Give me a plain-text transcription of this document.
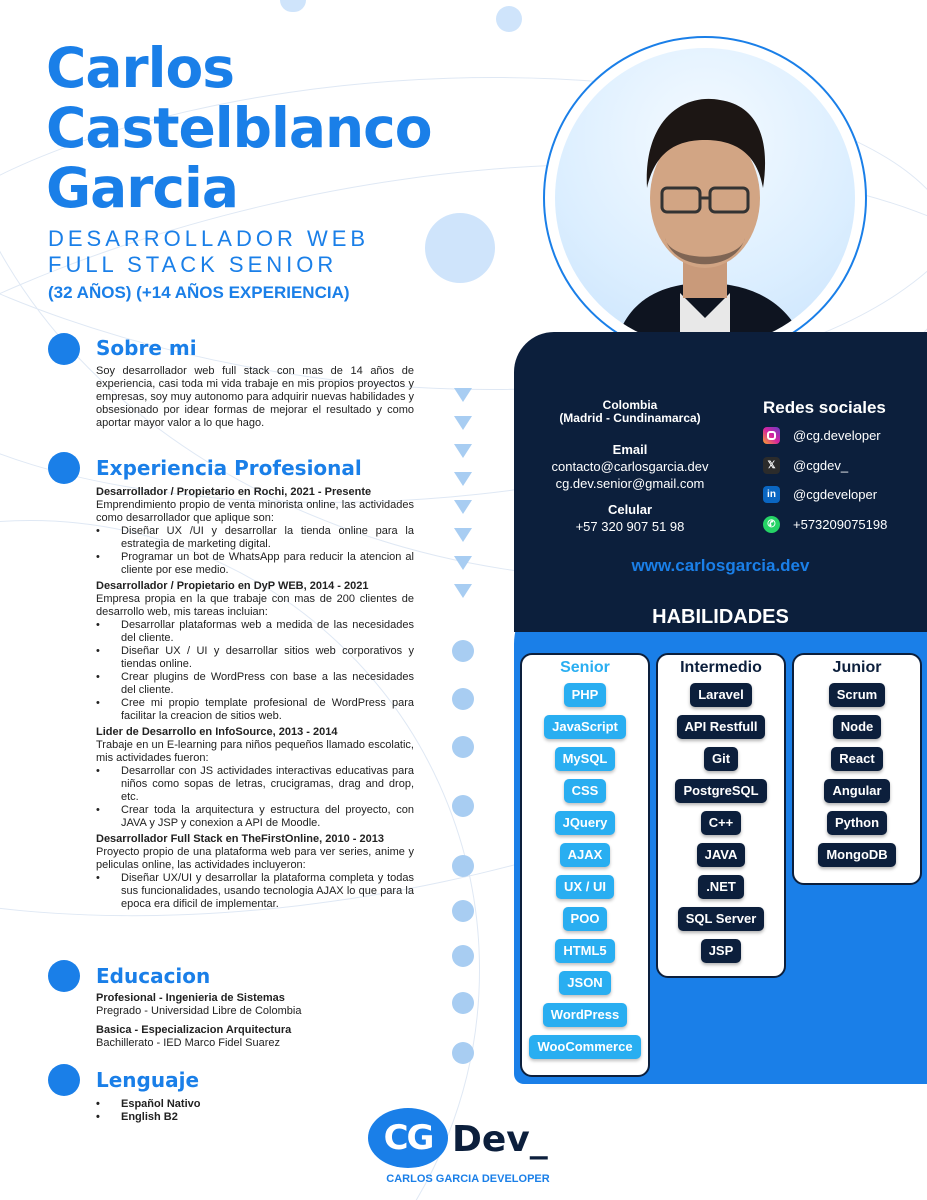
Carlos
Castelblanco
Garcia
DESARROLLADOR WEB
FULL STACK SENIOR
(32 AÑOS) (+14 AÑOS EXPERIENCIA)
Sobre mi
Soy desarrollador web full stack con mas de 14 años de experiencia, casi toda mi vida trabaje en mis propios proyectos y empresas, soy muy autonomo para adquirir nuevas habilidades y obsesionado por idear formas de mejorar el resultado y como aportar mayor valor a lo que hago.
Experiencia Profesional
Desarrollador / Propietario en Rochi, 2021 - Presente
Emprendimiento propio de venta minorista online, las actividades como desarrollador que aplique son:
• Diseñar UX /UI y desarrollar la tienda online para la estrategia de marketing digital.
• Programar un bot de WhatsApp para reducir la atencion al cliente por ese medio.
Desarrollador / Propietario en DyP WEB, 2014 - 2021
Empresa propia en la que trabaje con mas de 200 clientes de desarrollo web, mis tareas incluian:
• Desarrollar plataformas web a medida de las necesidades del cliente.
• Diseñar UX / UI y desarrollar sitios web corporativos y tiendas online.
• Crear plugins de WordPress con base a las necesidades del cliente.
• Cree mi propio template profesional de WordPress para facilitar la creacion de sitios web.
Lider de Desarrollo en InfoSource, 2013 - 2014
Trabaje en un E-learning para niños pequeños llamado escolatic, mis actividades fueron:
• Desarrollar con JS actividades interactivas educativas para niños como sopas de letras, crucigramas, drag and drop, etc.
• Crear toda la arquitectura y estructura del proyecto, con JAVA y JSP y conexion a API de Moodle.
Desarrollador Full Stack en TheFirstOnline, 2010 - 2013
Proyecto propio de una plataforma web para ver series, anime y peliculas online, las actividades incluyeron:
• Diseñar UX/UI y desarrollar la plataforma completa y todas sus funcionalidades, usando tecnologia AJAX lo que para la epoca era dificil de implementar.
Educacion
Profesional - Ingenieria de Sistemas
Pregrado - Universidad Libre de Colombia
Basica - Especializacion Arquitectura
Bachillerato - IED Marco Fidel Suarez
Lenguaje
• Español Nativo
• English B2
Colombia
(Madrid - Cundinamarca)
Email
contacto@carlosgarcia.dev
cg.dev.senior@gmail.com
Celular
+57 320 907 51 98
Redes sociales
@cg.developer
𝕏	@cgdev_
in	@cgdeveloper
✆	+573209075198
www.carlosgarcia.dev
HABILIDADES
Senior
PHP
JavaScript
MySQL
CSS
JQuery
AJAX
UX / UI
POO
HTML5
JSON
WordPress
WooCommerce
Intermedio
Laravel
API Restfull
Git
PostgreSQL
C++
JAVA
.NET
SQL Server
JSP
Junior
Scrum
Node
React
Angular
Python
MongoDB
CG Dev_
CARLOS GARCIA DEVELOPER
